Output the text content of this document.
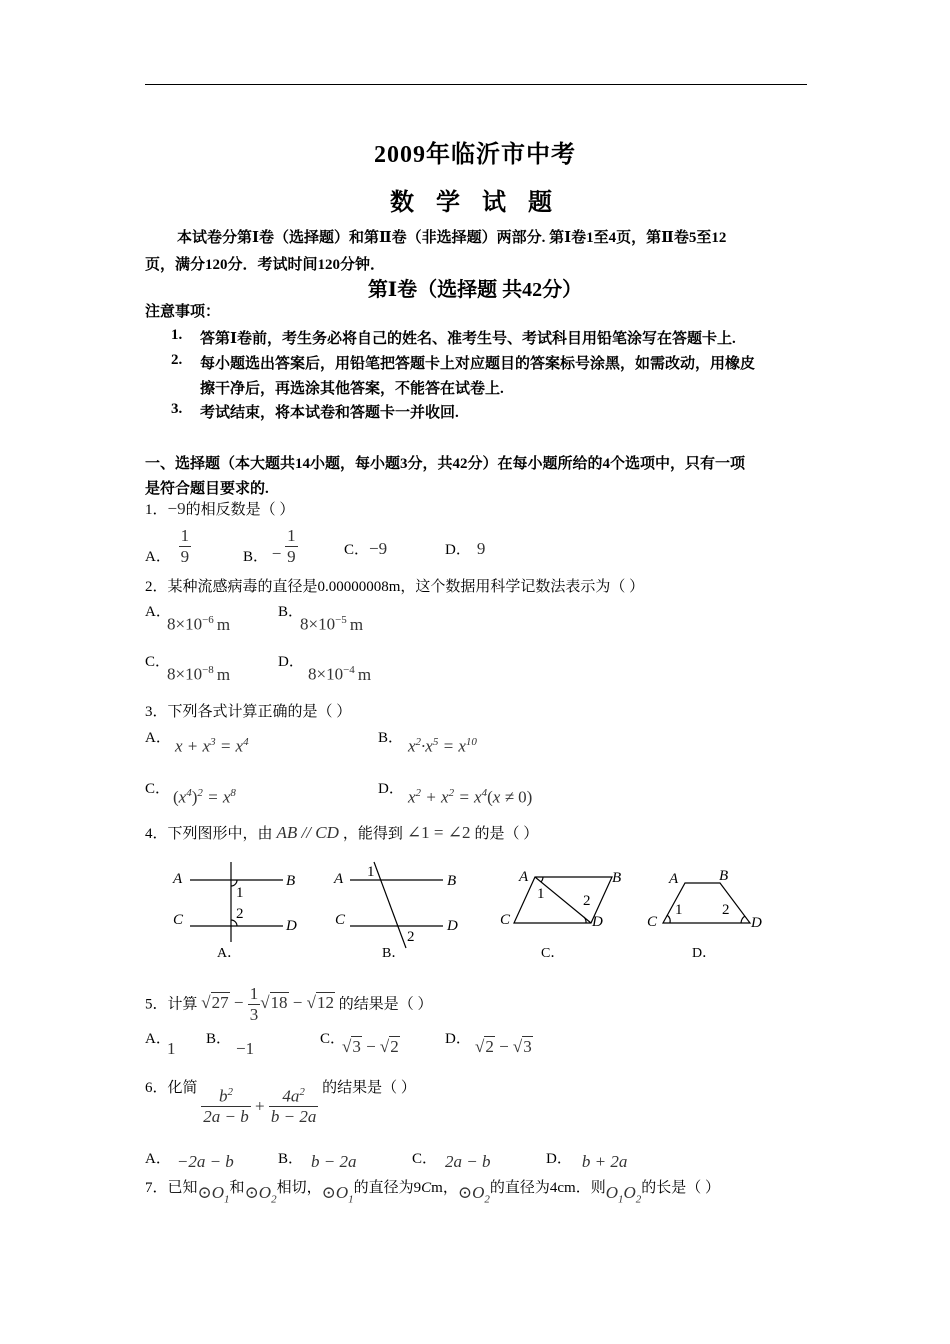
2009年临沂市中考
数 学 试 题
本试卷分第Ⅰ卷（选择题）和第Ⅱ卷（非选择题）两部分. 第Ⅰ卷1至4页，第Ⅱ卷5至12
页，满分120分．考试时间120分钟．
第Ⅰ卷（选择题 共42分）
注意事项：
1. 答第Ⅰ卷前，考生务必将自己的姓名、准考生号、考试科目用铅笔涂写在答题卡上.
2. 每小题选出答案后，用铅笔把答题卡上对应题目的答案标号涂黑，如需改动，用橡皮
擦干净后，再选涂其他答案，不能答在试卷上.
3. 考试结束，将本试卷和答题卡一并收回.
一、选择题（本大题共14小题，每小题3分，共42分）在每小题所给的4个选项中，只有一项
是符合题目要求的.
1．−9的相反数是（ ）
A． $\frac{1}{9}$	B． − $\frac{1}{9}$	C．−9	D． 9
2．某种流感病毒的直径是0.00000008m，这个数据用科学记数法表示为（ ）
A．
$8\times 10^{-6}$ m
B．
$8\times 10^{-5}$ m
C．
$8\times 10^{-8}$ m
D．
$8\times 10^{-4}$ m
3．下列各式计算正确的是（ ）
A． $x + x^3 = x^4$	B． $x^2\cdot x^5 = x^{10}$
C． $(x^4)^2 = x^8$	D． $x^2 + x^2 = x^4(x \ne 0)$
4．下列图形中，由 AB // CD ，能得到 ∠1 = ∠2 的是（ ）
A	B
C	D
A	B
C	D
A	B
C	D
A	B
C	D
1
2
1
2
1	2
1	2
A．	B．	C．	D．
5．计算 $√27 - \frac{1}{3} √18 - √12$ 的结果是（ ）
A．
1 B． −1	C．
√3 − √2	D． √2 − √3
6．化简 $\frac{b^2}{2a - b} + \frac{4a^2}{b - 2a}$ 的结果是（ ）
A． −2a − b	B． b − 2a	C． 2a − b	D． b + 2a
7．已知$⊙O_1$和$⊙O_2$相切，$⊙O_1$的直径为9Cm，$⊙O_2$的直径为4cm．则$O_1O_2$的长是（ ）
